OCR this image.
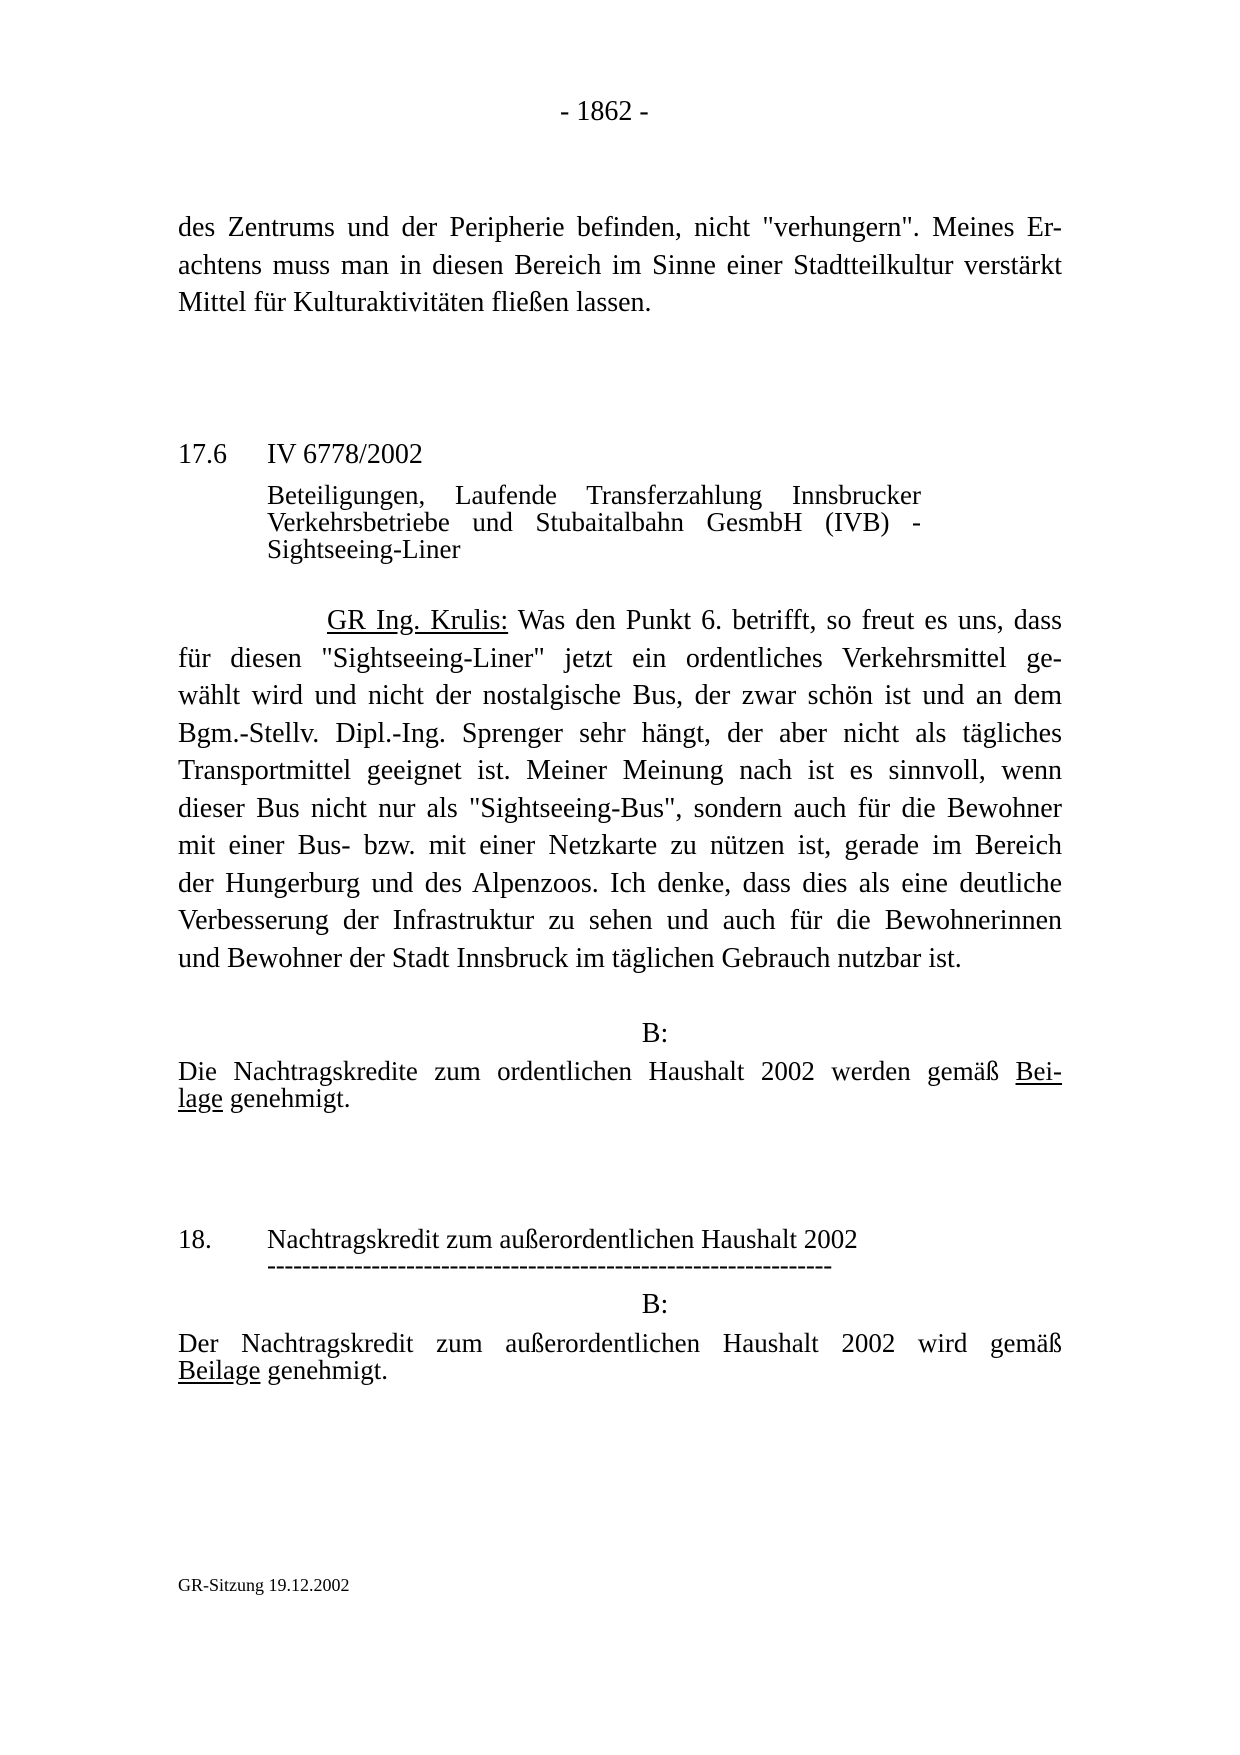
- 1862 -

des Zentrums und der Peripherie befinden, nicht "verhungern". Meines Er-

achtens muss man in diesen Bereich im Sinne einer Stadtteilkultur verstärkt

Mittel für Kulturaktivitäten fließen lassen.

17.6 IV 6778/2002
Beteiligungen, Laufende Transferzahlung Innsbrucker
Verkehrsbetriebe und Stubaitalbahn GesmbH (IVB) -
Sightseeing-Liner

GR Ing. Krulis: Was den Punkt 6. betrifft, so freut es uns, dass

für diesen "Sightseeing-Liner" jetzt ein ordentliches Verkehrsmittel ge-

wählt wird und nicht der nostalgische Bus, der zwar schön ist und an dem

Bgm.-Stellv. Dipl.-Ing. Sprenger sehr hängt, der aber nicht als tägliches

Transportmittel geeignet ist. Meiner Meinung nach ist es sinnvoll, wenn

dieser Bus nicht nur als "Sightseeing-Bus", sondern auch für die Bewohner

mit einer Bus- bzw. mit einer Netzkarte zu nützen ist, gerade im Bereich

der Hungerburg und des Alpenzoos. Ich denke, dass dies als eine deutliche

Verbesserung der Infrastruktur zu sehen und auch für die Bewohnerinnen

und Bewohner der Stadt Innsbruck im täglichen Gebrauch nutzbar ist.

B:
Die Nachtragskredite zum ordentlichen Haushalt 2002 werden gemäß Bei-
lage genehmigt.
18. Nachtragskredit zum außerordentlichen Haushalt 2002
-----------------------------------------------------------------
B:
Der Nachtragskredit zum außerordentlichen Haushalt 2002 wird gemäß
Beilage genehmigt.
GR-Sitzung 19.12.2002
